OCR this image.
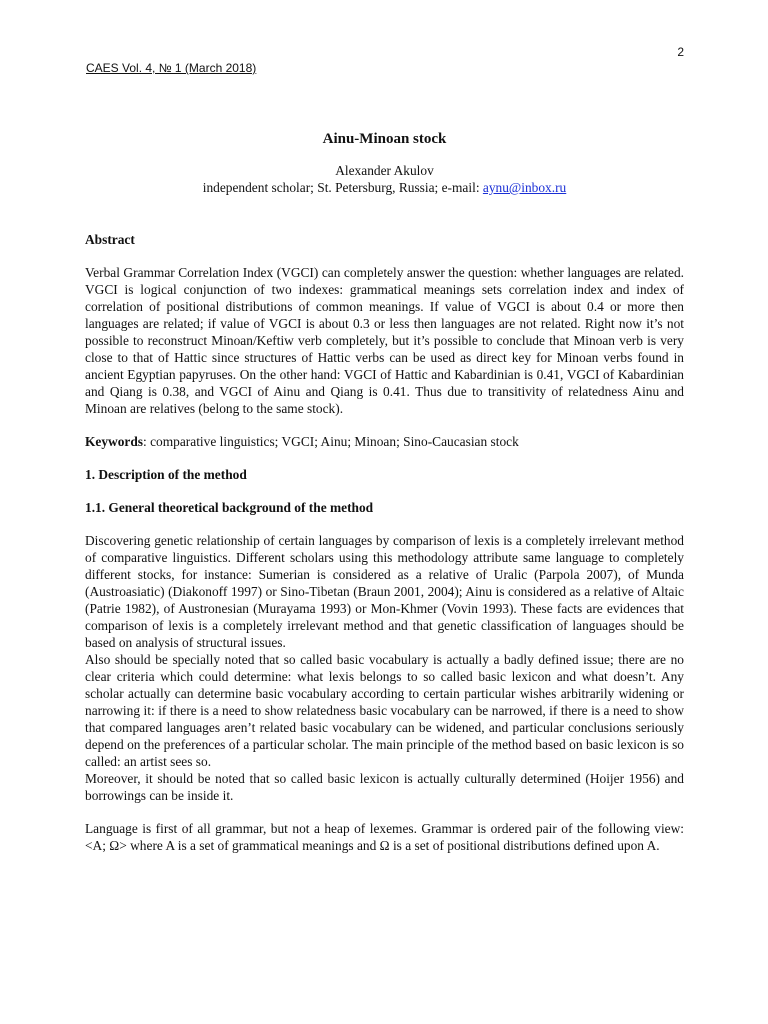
2
CAES Vol. 4, № 1 (March 2018)
Ainu-Minoan stock
Alexander Akulov
independent scholar; St. Petersburg, Russia; e-mail: aynu@inbox.ru
Abstract

Verbal Grammar Correlation Index (VGCI) can completely answer the question: whether languages are related. VGCI is logical conjunction of two indexes: grammatical meanings sets correlation index and index of correlation of positional distributions of common meanings. If value of VGCI is about 0.4 or more then languages are related; if value of VGCI is about 0.3 or less then languages are not related. Right now it’s not possible to reconstruct Minoan/Keftiw verb completely, but it’s possible to conclude that Minoan verb is very close to that of Hattic since structures of Hattic verbs can be used as direct key for Minoan verbs found in ancient Egyptian papyruses. On the other hand: VGCI of Hattic and Kabardinian is 0.41, VGCI of Kabardinian and Qiang is 0.38, and VGCI of Ainu and Qiang is 0.41. Thus due to transitivity of relatedness Ainu and Minoan are relatives (belong to the same stock).

Keywords: comparative linguistics; VGCI; Ainu; Minoan; Sino-Caucasian stock

1. Description of the method
1.1. General theoretical background of the method

Discovering genetic relationship of certain languages by comparison of lexis is a completely irrelevant method of comparative linguistics. Different scholars using this methodology attribute same language to completely different stocks, for instance: Sumerian is considered as a relative of Uralic (Parpola 2007), of Munda (Austroasiatic) (Diakonoff 1997) or Sino-Tibetan (Braun 2001, 2004); Ainu is considered as a relative of Altaic (Patrie 1982), of Austronesian (Murayama 1993) or Mon-Khmer (Vovin 1993). These facts are evidences that comparison of lexis is a completely irrelevant method and that genetic classification of languages should be based on analysis of structural issues.

Also should be specially noted that so called basic vocabulary is actually a badly defined issue; there are no clear criteria which could determine: what lexis belongs to so called basic lexicon and what doesn’t. Any scholar actually can determine basic vocabulary according to certain particular wishes arbitrarily widening or narrowing it: if there is a need to show relatedness basic vocabulary can be narrowed, if there is a need to show that compared languages aren’t related basic vocabulary can be widened, and particular conclusions seriously depend on the preferences of a particular scholar. The main principle of the method based on basic lexicon is so called: an artist sees so.

Moreover, it should be noted that so called basic lexicon is actually culturally determined (Hoijer 1956) and borrowings can be inside it.

Language is first of all grammar, but not a heap of lexemes. Grammar is ordered pair of the following view: <A; Ω> where A is a set of grammatical meanings and Ω is a set of positional distributions defined upon A.
